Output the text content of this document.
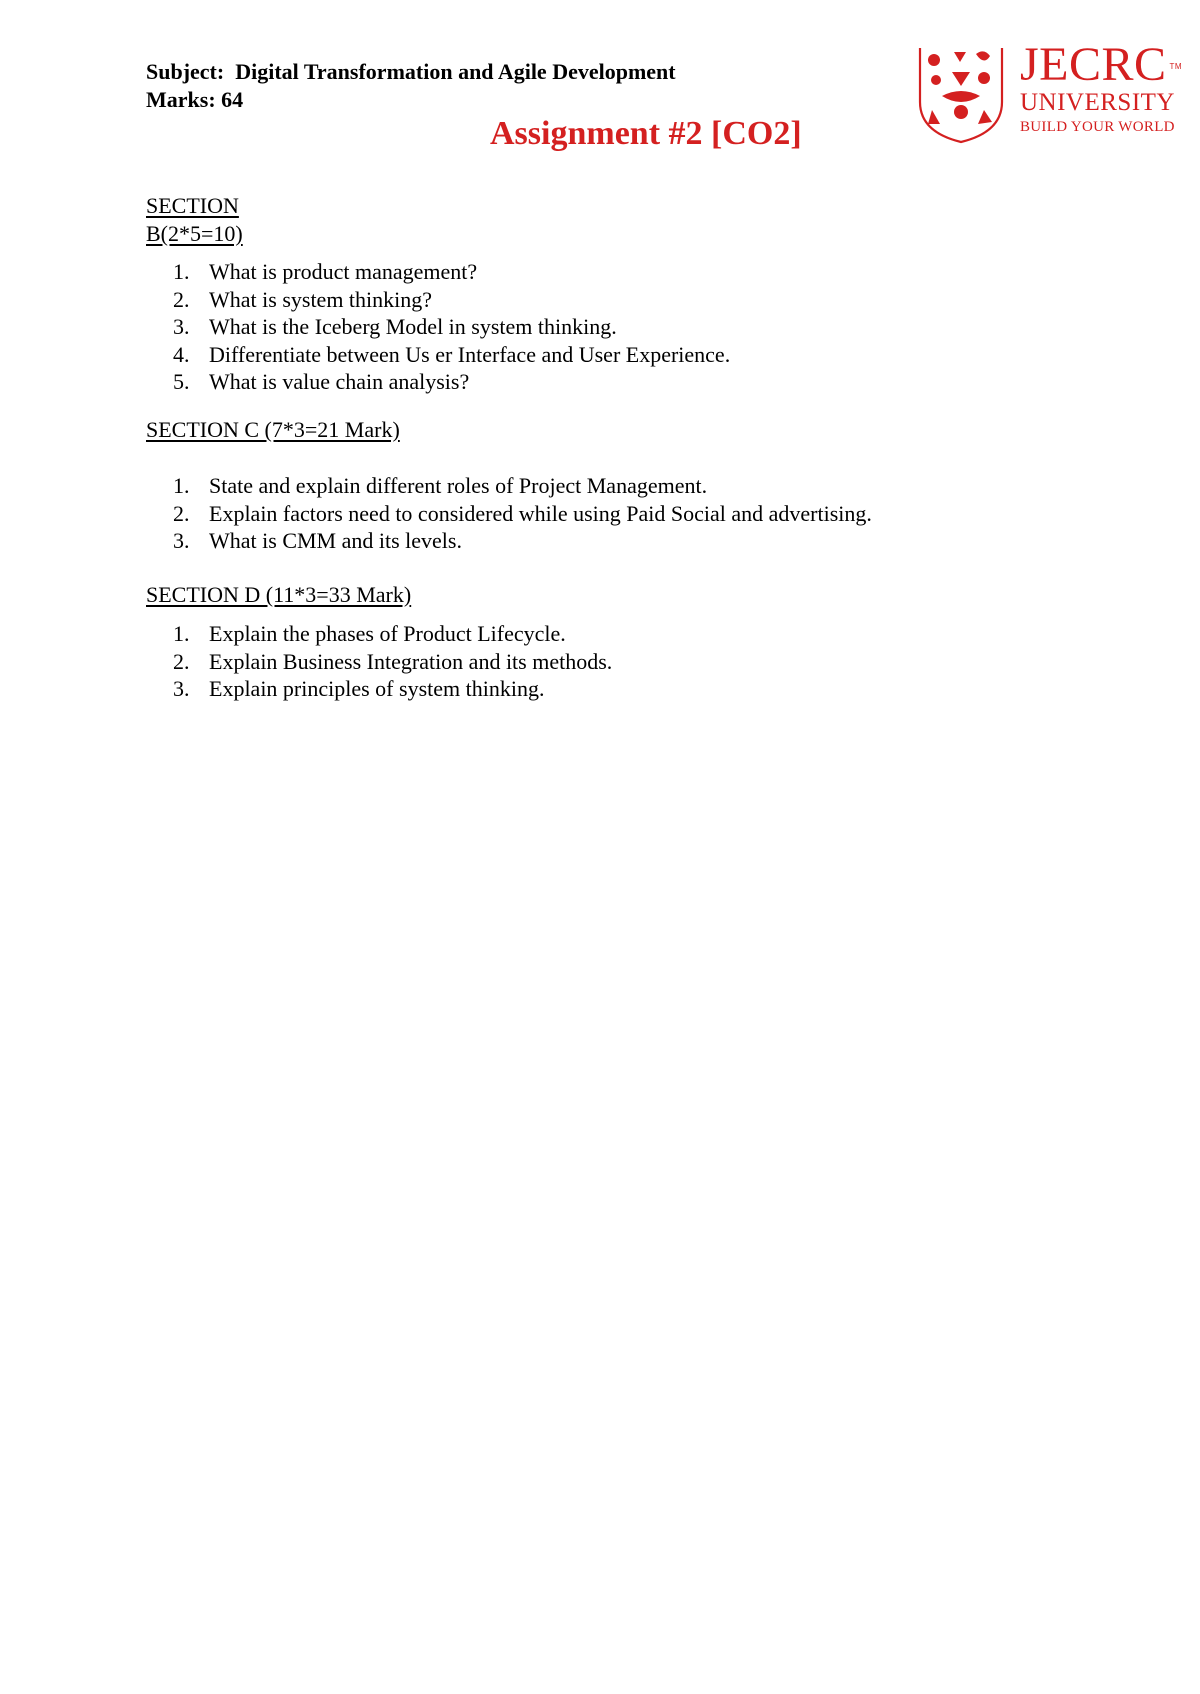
Subject: Digital Transformation and Agile Development
Marks: 64
Assignment #2 [CO2]
JECRC TM
UNIVERSITY
BUILD YOUR WORLD
SECTION
B(2*5=10)
1. What is product management?
2. What is system thinking?
3. What is the Iceberg Model in system thinking.
4. Differentiate between Us er Interface and User Experience.
5. What is value chain analysis?
SECTION C (7*3=21 Mark)
1. State and explain different roles of Project Management.
2. Explain factors need to considered while using Paid Social and advertising.
3. What is CMM and its levels.
SECTION D (11*3=33 Mark)
1. Explain the phases of Product Lifecycle.
2. Explain Business Integration and its methods.
3. Explain principles of system thinking.
